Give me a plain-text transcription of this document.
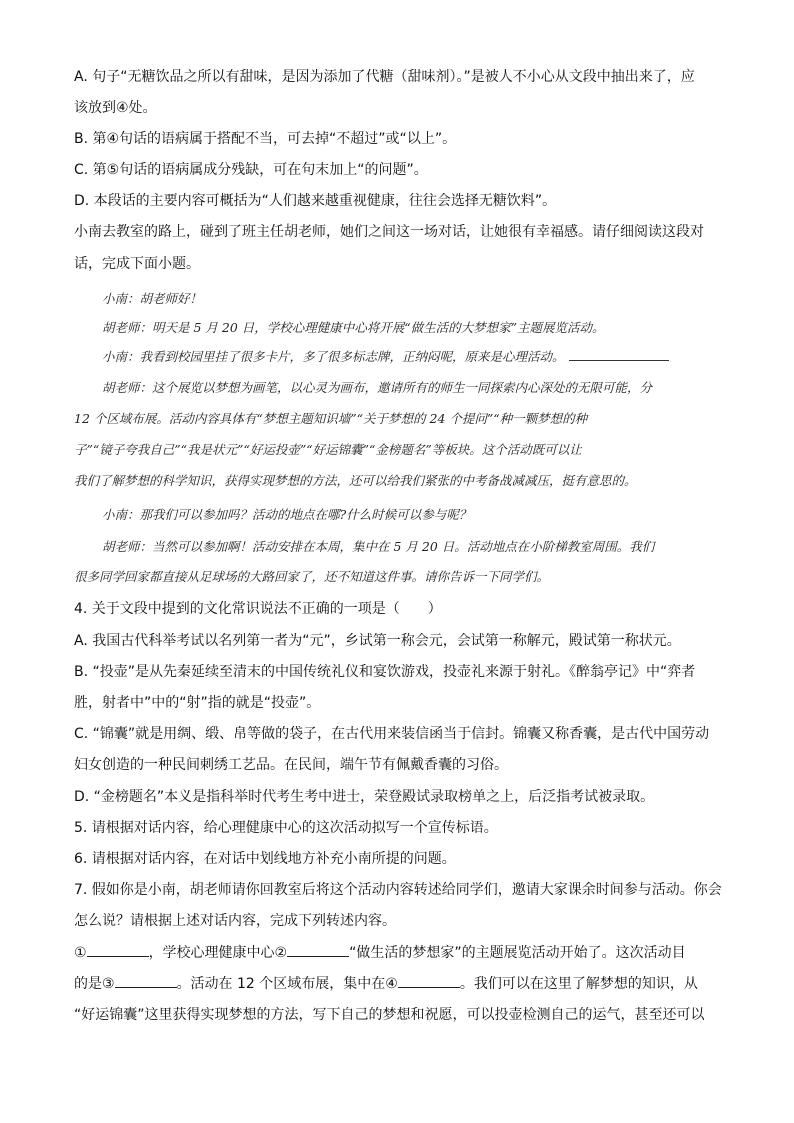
A. 句子“无糖饮品之所以有甜味，是因为添加了代糖（甜味剂）。”是被人不小心从文段中抽出来了，应
该放到④处。
B. 第④句话的语病属于搭配不当，可去掉“不超过”或“以上”。
C. 第⑤句话的语病属成分残缺，可在句末加上“的问题”。
D. 本段话的主要内容可概括为“人们越来越重视健康，往往会选择无糖饮料”。
小南去教室的路上，碰到了班主任胡老师，她们之间这一场对话，让她很有幸福感。请仔细阅读这段对
话，完成下面小题。
小南：胡老师好！
胡老师：明天是 5 月 20 日，学校心理健康中心将开展“做生活的大梦想家”主题展览活动。
小南：我看到校园里挂了很多卡片，多了很多标志牌，正纳闷呢，原来是心理活动。
胡老师：这个展览以梦想为画笔，以心灵为画布，邀请所有的师生一同探索内心深处的无限可能，分
12 个区域布展。活动内容具体有“梦想主题知识墙”“关于梦想的 24 个提问”“种一颗梦想的种
子”“镜子夸我自己”“我是状元”“好运投壶”“好运锦囊”“金榜题名”等板块。这个活动既可以让
我们了解梦想的科学知识，获得实现梦想的方法，还可以给我们紧张的中考备战减减压，挺有意思的。
小南：那我们可以参加吗？活动的地点在哪?什么时候可以参与呢？
胡老师：当然可以参加啊！活动安排在本周，集中在 5 月 20 日。活动地点在小阶梯教室周围。我们
很多同学回家都直接从足球场的大路回家了，还不知道这件事。请你告诉一下同学们。
4. 关于文段中提到的文化常识说法不正确的一项是（　　）
A. 我国古代科举考试以名列第一者为“元”，乡试第一称会元，会试第一称解元，殿试第一称状元。
B. “投壶”是从先秦延续至清末的中国传统礼仪和宴饮游戏，投壶礼来源于射礼。《醉翁亭记》中“弈者
胜，射者中”中的“射”指的就是“投壶”。
C. “锦囊”就是用绸、缎、帛等做的袋子，在古代用来装信函当于信封。锦囊又称香囊，是古代中国劳动
妇女创造的一种民间刺绣工艺品。在民间，端午节有佩戴香囊的习俗。
D. “金榜题名”本义是指科举时代考生考中进士，荣登殿试录取榜单之上，后泛指考试被录取。
5. 请根据对话内容，给心理健康中心的这次活动拟写一个宣传标语。
6. 请根据对话内容，在对话中划线地方补充小南所提的问题。
7. 假如你是小南，胡老师请你回教室后将这个活动内容转述给同学们，邀请大家课余时间参与活动。你会
怎么说？请根据上述对话内容，完成下列转述内容。
①	，学校心理健康中心②	“做生活的梦想家”的主题展览活动开始了。这次活动目
的是③	。活动在 12 个区域布展，集中在④	。我们可以在这里了解梦想的知识，从
“好运锦囊”这里获得实现梦想的方法，写下自己的梦想和祝愿，可以投壶检测自己的运气，甚至还可以
